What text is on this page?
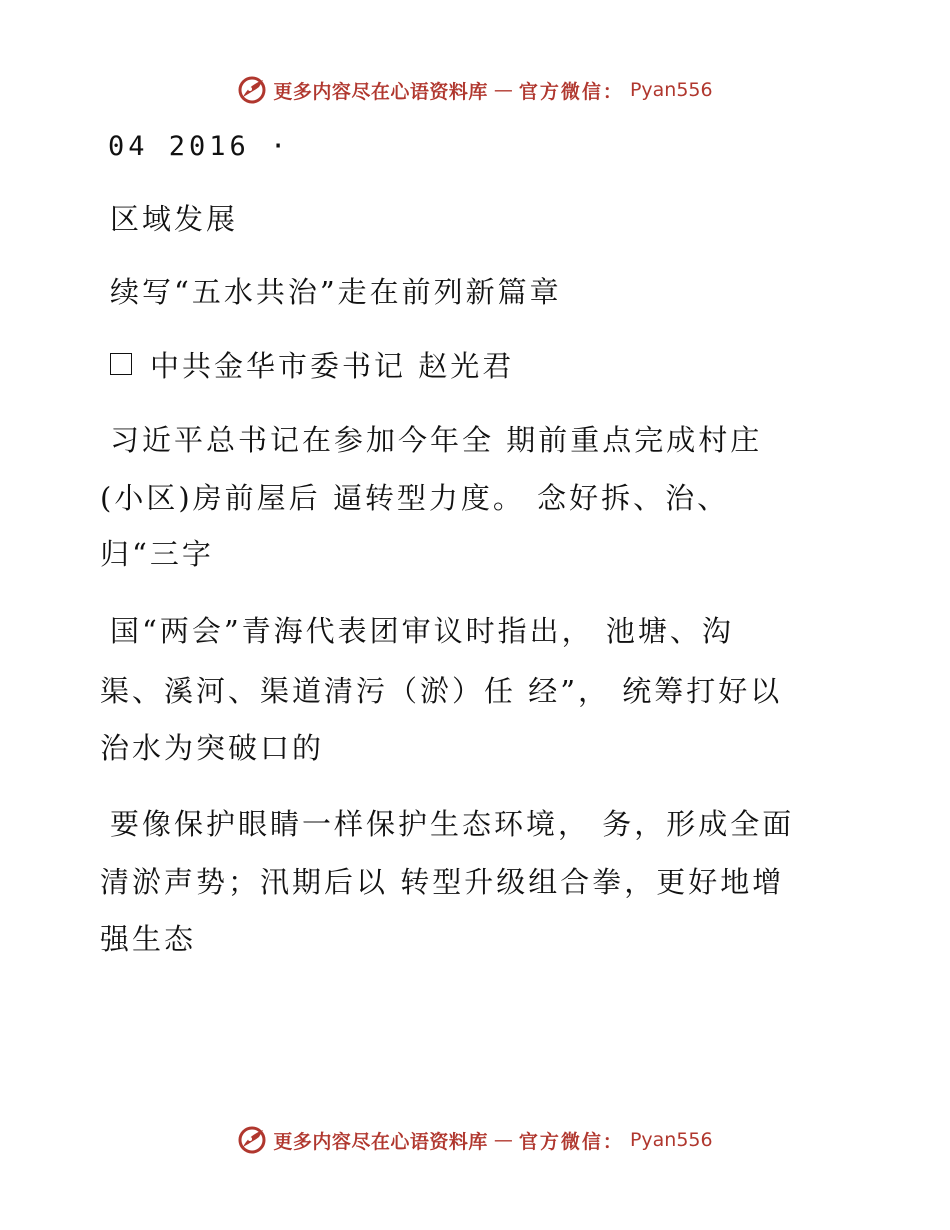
更多内容尽在心语资料库 — 官方微信： Pyan556
04 2016 ·
区域发展
续写“五水共治”走在前列新篇章
中共金华市委书记 赵光君
习近平总书记在参加今年全 期前重点完成村庄
(小区)房前屋后 逼转型力度。 念好拆、治、
归“三字
国“两会”青海代表团审议时指出， 池塘、沟
渠、溪河、渠道清污（淤）任 经”， 统筹打好以
治水为突破口的
要像保护眼睛一样保护生态环境， 务，形成全面
清淤声势；汛期后以 转型升级组合拳，更好地增
强生态
更多内容尽在心语资料库 — 官方微信： Pyan556
